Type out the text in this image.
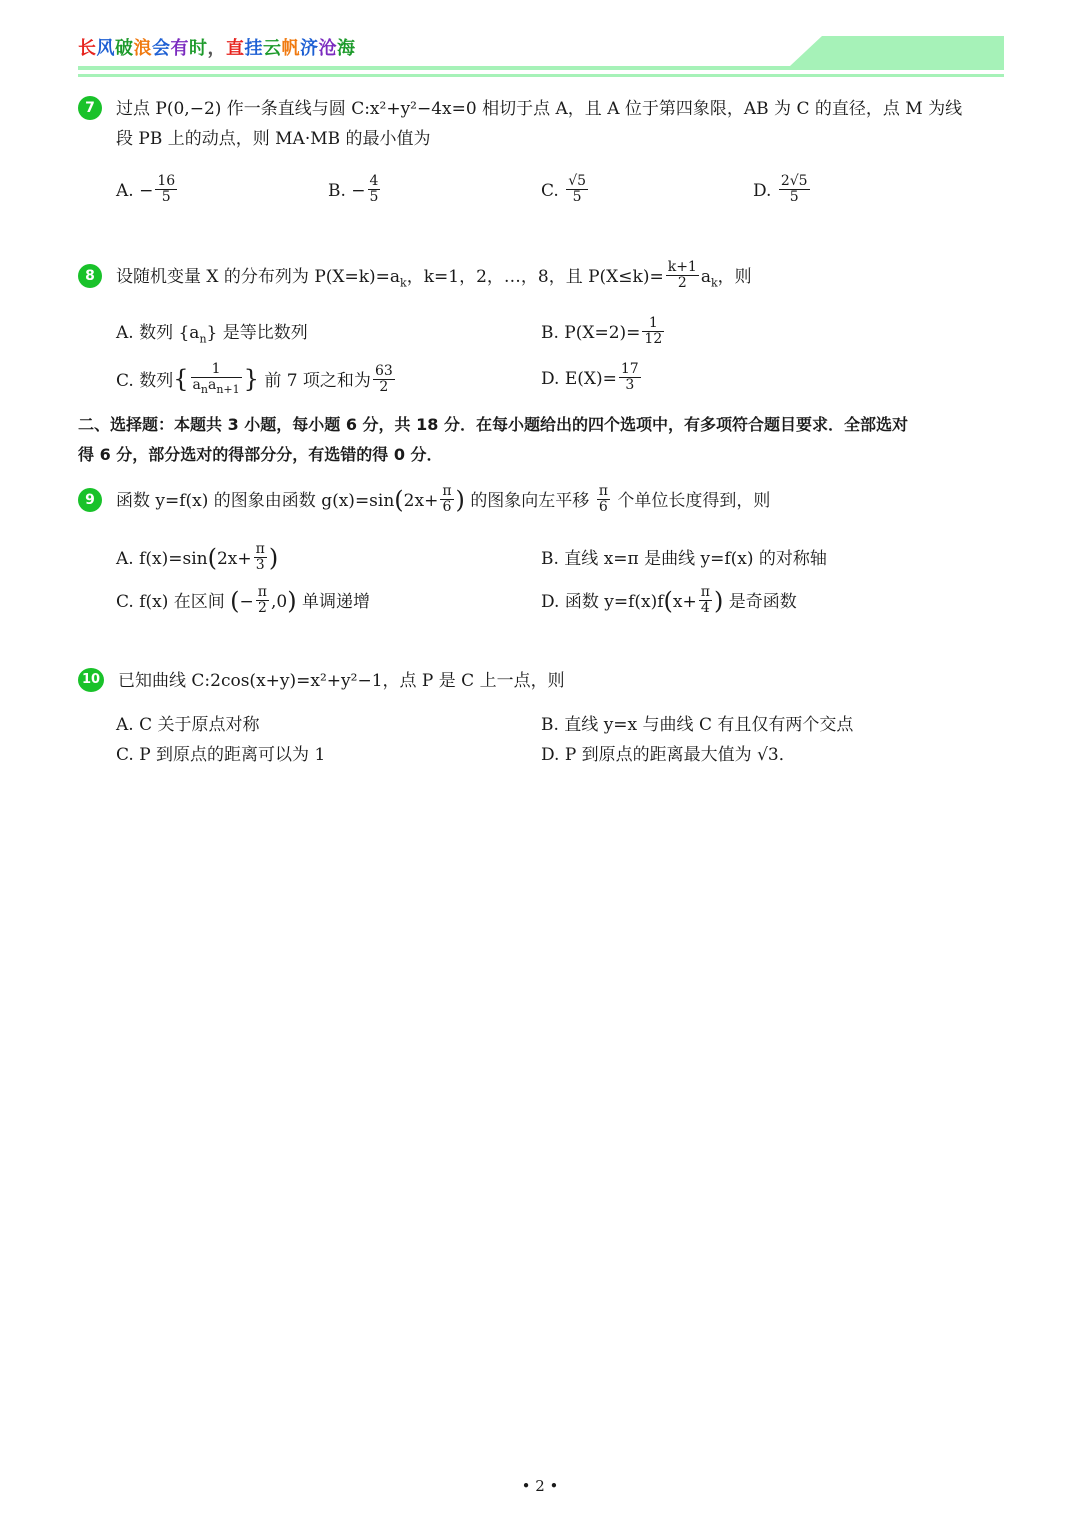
长风破浪会有时，直挂云帆济沧海
7 过点 P(0,−2) 作一条直线与圆 C:x²+y²−4x=0 相切于点 A，且 A 位于第四象限，AB 为 C 的直径，点 M 为线
段 PB 上的动点，则 MA·MB 的最小值为
A. − $\frac{16}{5}$	B. − $\frac{4}{5}$	C. $\frac{√5}{5}$	D. $\frac{2√5}{5}$
8 设随机变量 X 的分布列为 $P(X=k)=a_k$，k=1，2，…，8，且 $P(X\le k)= \frac{k+1}{2} a_k$，则
A. 数列 $\{a_n\}$ 是等比数列	B. $P(X=2)= \frac{1}{12}$
C. 数列{ $\frac{1}{a_na_{n+1}}$ } 前 7 项之和为 $\frac{63}{2}$	D. $E(X)= \frac{17}{3}$
二、选择题：本题共 3 小题，每小题 6 分，共 18 分．在每小题给出的四个选项中，有多项符合题目要求．全部选对
得 6 分，部分选对的得部分分，有选错的得 0 分．
9 函数 y=f(x) 的图象由函数 $g(x)=\sin(2x+ \frac{\pi}{6}$ ) 的图象向左平移 $\frac{\pi}{6}$ 个单位长度得到，则
A. $f(x)=\sin(2x+ \frac{\pi}{3}$ )	B. 直线 x=π 是曲线 y=f(x) 的对称轴
C. f(x) 在区间 (− $\frac{\pi}{2} ,0$) 单调递增	D. 函数 $y=f(x)f(x+ \frac{\pi}{4}$ ) 是奇函数
10 已知曲线 C:2cos(x+y)=x²+y²−1，点 P 是 C 上一点，则
A. C 关于原点对称	B. 直线 y=x 与曲线 C 有且仅有两个交点
C. P 到原点的距离可以为 1	D. P 到原点的距离最大值为 √3．
• 2 •
